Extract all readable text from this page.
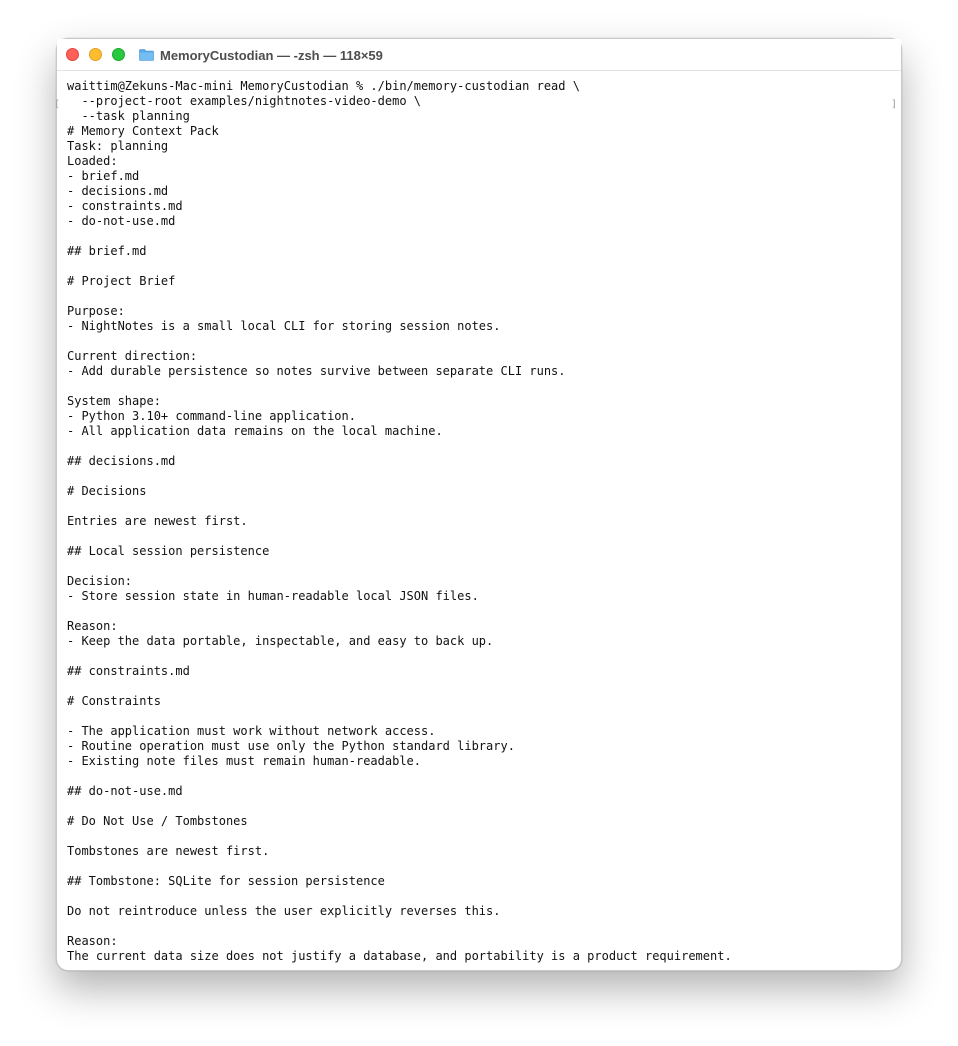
MemoryCustodian — -zsh — 118×59
[	]
waittim@Zekuns-Mac-mini MemoryCustodian % ./bin/memory-custodian read \
--project-root examples/nightnotes-video-demo \
--task planning
# Memory Context Pack
Task: planning
Loaded:
- brief.md
- decisions.md
- constraints.md
- do-not-use.md
## brief.md
# Project Brief
Purpose:
- NightNotes is a small local CLI for storing session notes.
Current direction:
- Add durable persistence so notes survive between separate CLI runs.
System shape:
- Python 3.10+ command-line application.
- All application data remains on the local machine.
## decisions.md
# Decisions
Entries are newest first.
## Local session persistence
Decision:
- Store session state in human-readable local JSON files.
Reason:
- Keep the data portable, inspectable, and easy to back up.
## constraints.md
# Constraints
- The application must work without network access.
- Routine operation must use only the Python standard library.
- Existing note files must remain human-readable.
## do-not-use.md
# Do Not Use / Tombstones
Tombstones are newest first.
## Tombstone: SQLite for session persistence
Do not reintroduce unless the user explicitly reverses this.
Reason:
The current data size does not justify a database, and portability is a product requirement.
